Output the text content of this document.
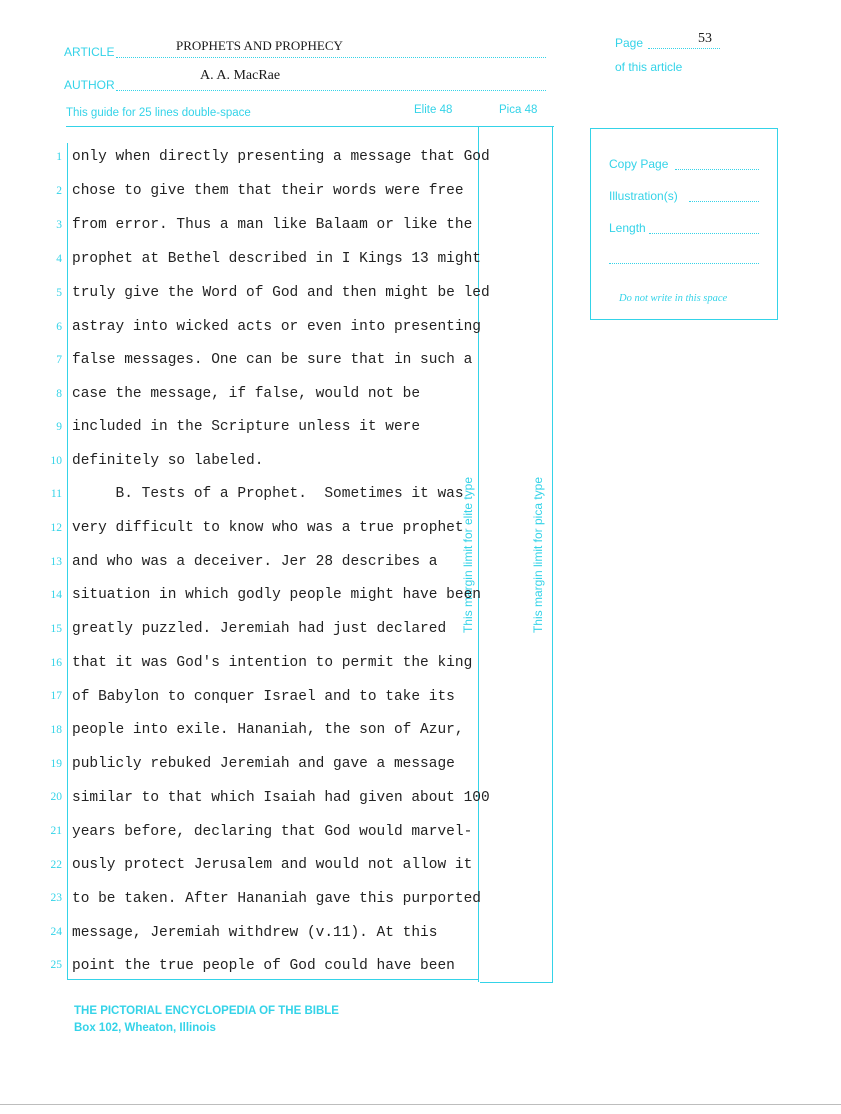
ARTICLE	PROPHETS AND PROPHECY
AUTHOR
A. A. MacRae
Page	53
of this article
This guide for 25 lines double-space	Elite 48	Pica 48
This margin limit for elite type	This margin limit for pica type
1 only when directly presenting a message that God
2 chose to give them that their words were free
3 from error. Thus a man like Balaam or like the
4 prophet at Bethel described in I Kings 13 might
5 truly give the Word of God and then might be led
6 astray into wicked acts or even into presenting
7 false messages. One can be sure that in such a
8 case the message, if false, would not be
9 included in the Scripture unless it were
10 definitely so labeled.
11 B. Tests of a Prophet.  Sometimes it was
12 very difficult to know who was a true prophet
13 and who was a deceiver. Jer 28 describes a
14 situation in which godly people might have been
15 greatly puzzled. Jeremiah had just declared
16 that it was God's intention to permit the king
17 of Babylon to conquer Israel and to take its
18 people into exile. Hananiah, the son of Azur,
19 publicly rebuked Jeremiah and gave a message
20 similar to that which Isaiah had given about 100
21 years before, declaring that God would marvel-
22 ously protect Jerusalem and would not allow it
23 to be taken. After Hananiah gave this purported
24 message, Jeremiah withdrew (v.11). At this
25 point the true people of God could have been
Copy Page
Illustration(s)
Length
Do not write in this space
THE PICTORIAL ENCYCLOPEDIA OF THE BIBLE
Box 102, Wheaton, Illinois
